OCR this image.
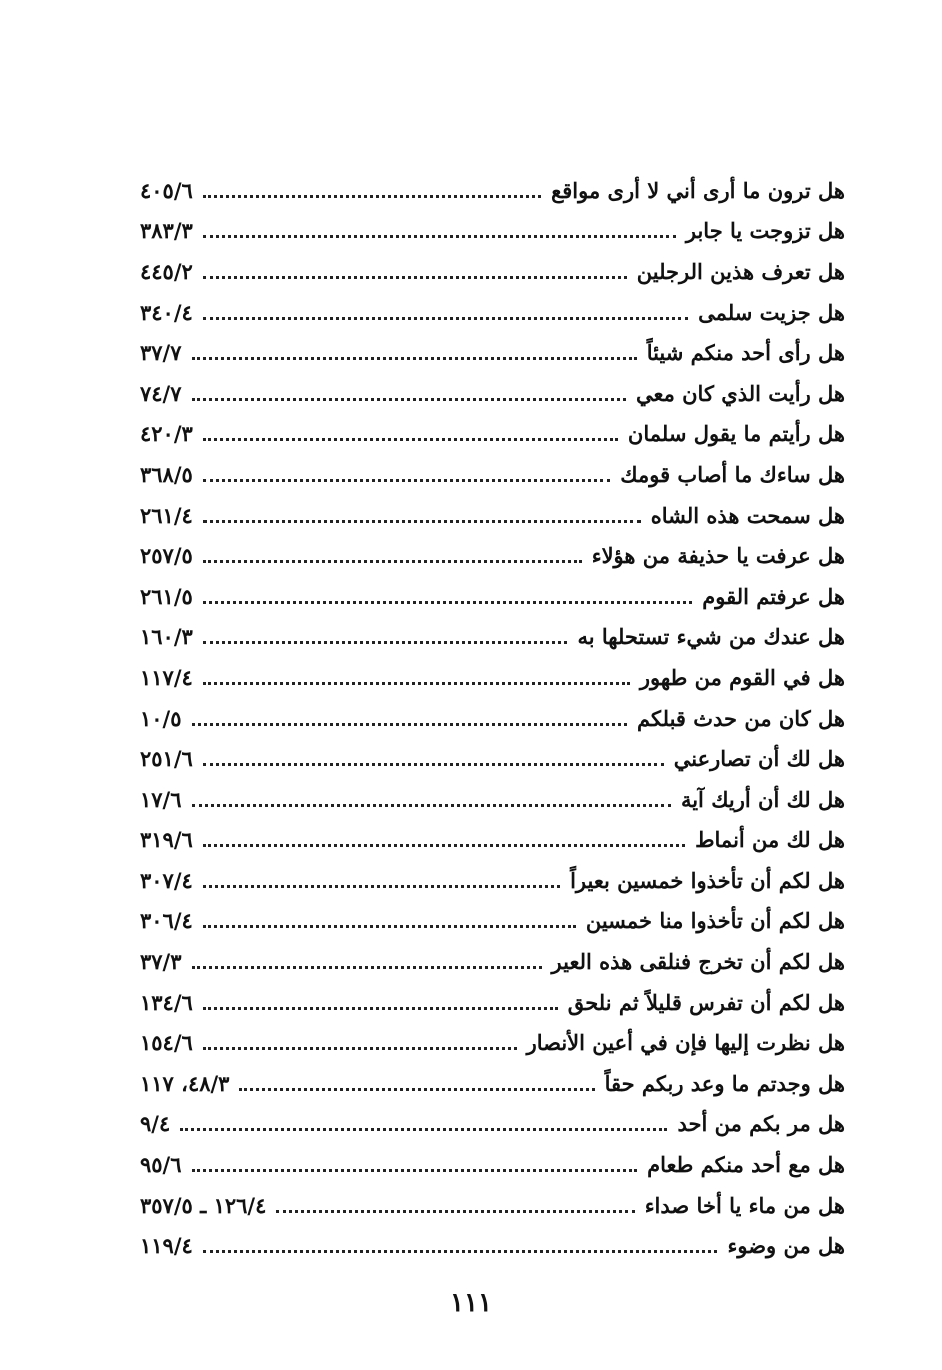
هل ترون ما أرى أني لا أرى مواقع
٤٠٥/٦
هل تزوجت يا جابر
٣٨٣/٣
هل تعرف هذين الرجلين
٤٤٥/٢
هل جزيت سلمى
٣٤٠/٤
هل رأى أحد منكم شيئاً
٣٧/٧
هل رأيت الذي كان معي
٧٤/٧
هل رأيتم ما يقول سلمان
٤٢٠/٣
هل ساءك ما أصاب قومك
٣٦٨/٥
هل سمحت هذه الشاه
٢٦١/٤
هل عرفت يا حذيفة من هؤلاء
٢٥٧/٥
هل عرفتم القوم
٢٦١/٥
هل عندك من شيء تستحلها به
١٦٠/٣
هل في القوم من طهور
١١٧/٤
هل كان من حدث قبلكم
١٠/٥
هل لك أن تصارعني
٢٥١/٦
هل لك أن أريك آية
١٧/٦
هل لك من أنماط
٣١٩/٦
هل لكم أن تأخذوا خمسين بعيراً
٣٠٧/٤
هل لكم أن تأخذوا منا خمسين
٣٠٦/٤
هل لكم أن تخرج فنلقى هذه العير
٣٧/٣
هل لكم أن تفرس قليلاً ثم نلحق
١٣٤/٦
هل نظرت إليها فإن في أعين الأنصار
١٥٤/٦
هل وجدتم ما وعد ربكم حقاً
٤٨/٣، ١١٧
هل مر بكم من أحد
٩/٤
هل مع أحد منكم طعام
٩٥/٦
هل من ماء يا أخا صداء
١٢٦/٤ ـ ٣٥٧/٥
هل من وضوء
١١٩/٤
١١١
